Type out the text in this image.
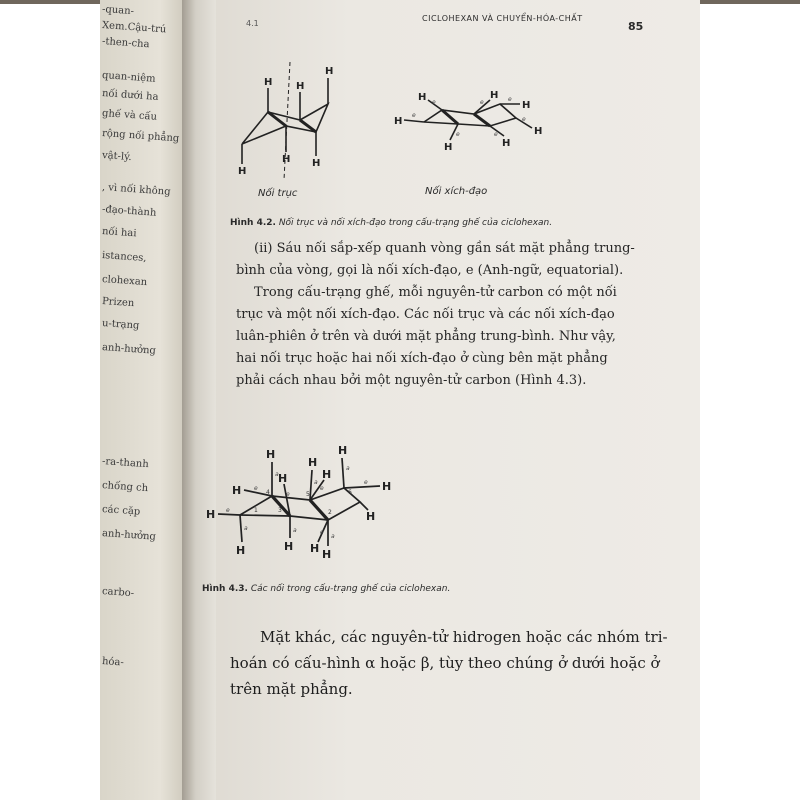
-quan-
Xem.Cậu-trú
-then-cha
quan-niệm
nối dưới ha
ghế và cấu
rộng nối phẳng
vật-lý.
, vì nối không
-đạo-thành
nối hai
istances,
clohexan
Prizen
u-trạng
anh-hưởng
-ra-thanh
chống ch
các cặp
anh-hưởng
carbo-
hóa-
4.1
CICLOHEXAN VÀ CHUYỂN-HÓA-CHẤT
85
H
H
H
H
H
H
H
H
H
H
H
H
H
e
e
e
e	e
e
e
Nối trục	Nối xích-đạo
Hình 4.2. Nối trục và nối xích-đạo trong cấu-trạng ghế của ciclohexan.
(ii) Sáu nối sắp-xếp quanh vòng gần sát mặt phẳng trung-
bình của vòng, gọi là nối xích-đạo, e (Anh-ngữ, equatorial).
Trong cấu-trạng ghế, mỗi nguyên-tử carbon có một nối
trục và một nối xích-đạo. Các nối trục và các nối xích-đạo
luân-phiên ở trên và dưới mặt phẳng trung-bình. Như vậy,
hai nối trục hoặc hai nối xích-đạo ở cùng bên mặt phẳng
phải cách nhau bởi một nguyên-tử carbon (Hình 4.3).
H
H
H
H
H
H
H
H
H	H
H
H
H
1	2
3
4	5	6
a
a
a
a
a
a
e
e
e
e
e
e
Hình 4.3. Các nối trong cấu-trạng ghế của ciclohexan.
Mặt khác, các nguyên-tử hidrogen hoặc các nhóm tri-
hoán có cấu-hình α hoặc β, tùy theo chúng ở dưới hoặc ở
trên mặt phẳng.
